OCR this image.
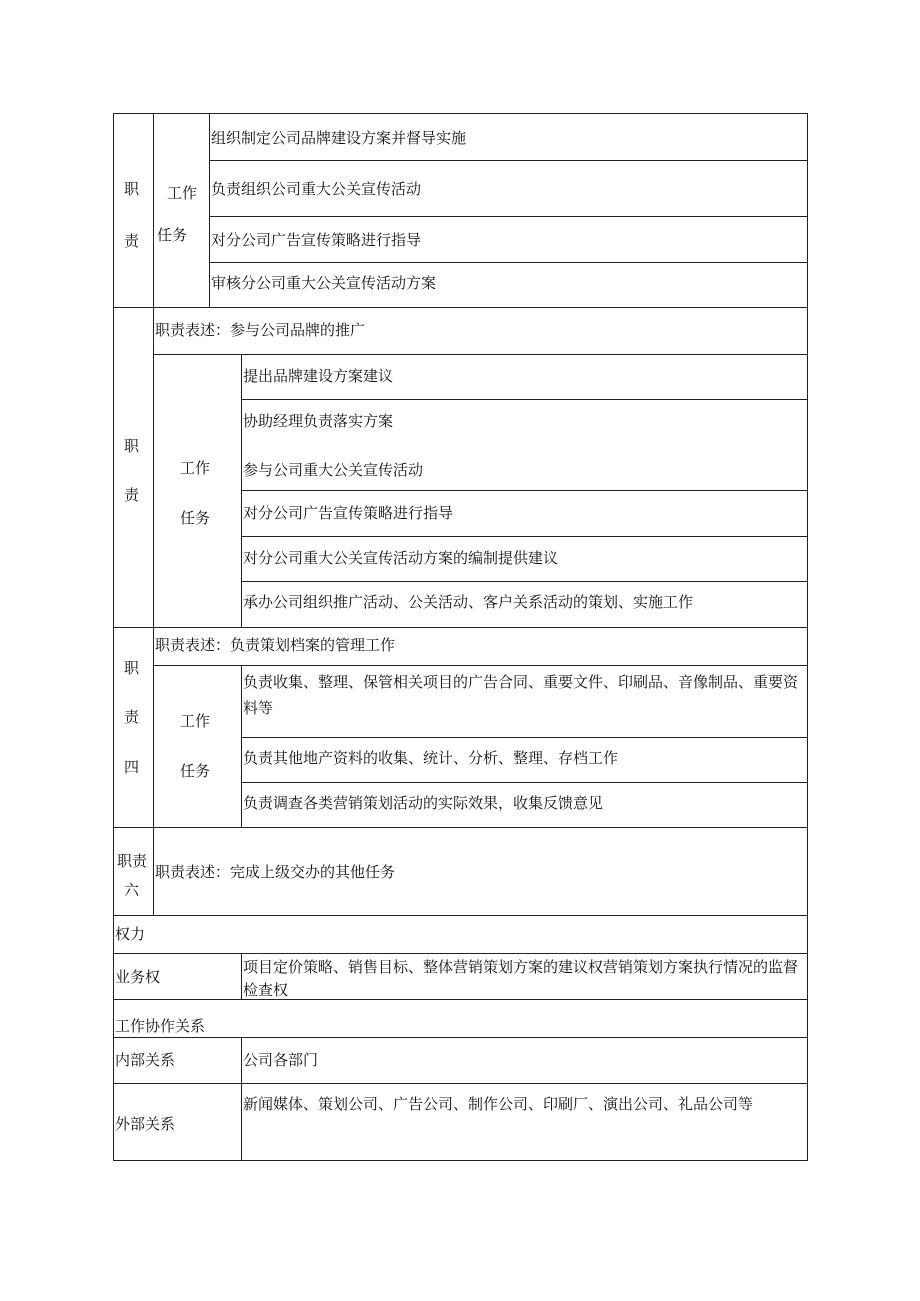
职
责
工作
任务
组织制定公司品牌建设方案并督导实施
负责组织公司重大公关宣传活动
对分公司广告宣传策略进行指导
审核分公司重大公关宣传活动方案
职
责
职责表述：参与公司品牌的推广
工作
任务
提出品牌建设方案建议
协助经理负责落实方案
参与公司重大公关宣传活动
对分公司广告宣传策略进行指导
对分公司重大公关宣传活动方案的编制提供建议
承办公司组织推广活动、公关活动、客户关系活动的策划、实施工作
职
责
四
职责表述：负责策划档案的管理工作
工作
任务
负责收集、整理、保管相关项目的广告合同、重要文件、印刷品、音像制品、重要资料等
负责其他地产资料的收集、统计、分析、整理、存档工作
负责调查各类营销策划活动的实际效果，收集反馈意见
职责
六
职责表述：完成上级交办的其他任务
权力
业务权
项目定价策略、销售目标、整体营销策划方案的建议权营销策划方案执行情况的监督检查权
工作协作关系
内部关系	公司各部门
外部关系
新闻媒体、策划公司、广告公司、制作公司、印刷厂、演出公司、礼品公司等
